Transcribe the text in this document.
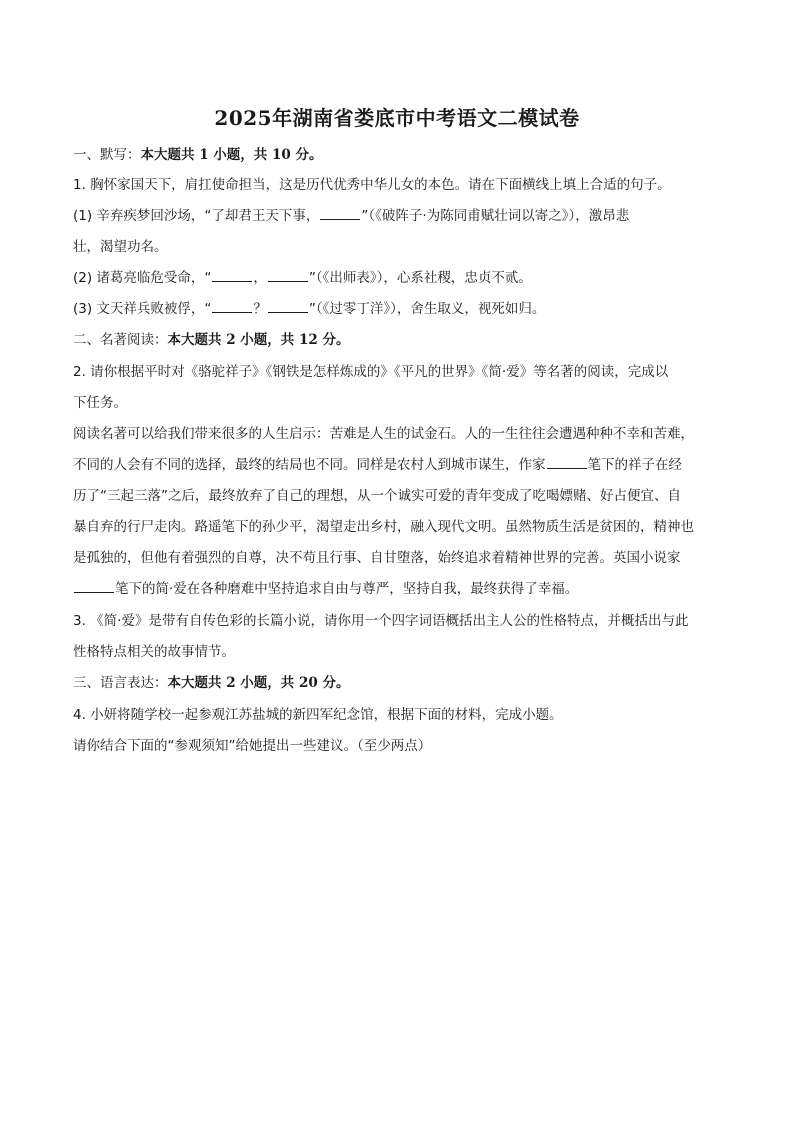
2025年湖南省娄底市中考语文二模试卷
一、默写：本大题共 1 小题，共 10 分。
1. 胸怀家国天下，肩扛使命担当，这是历代优秀中华儿女的本色。请在下面横线上填上合适的句子。
(1) 辛弃疾梦回沙场，“了却君王天下事，	”（《破阵子·为陈同甫赋壮词以寄之》），激昂悲
壮，渴望功名。
(2) 诸葛亮临危受命，“	，	”（《出师表》），心系社稷，忠贞不贰。
(3) 文天祥兵败被俘，“	？	”（《过零丁洋》），舍生取义，视死如归。
二、名著阅读：本大题共 2 小题，共 12 分。
2. 请你根据平时对《骆驼祥子》《钢铁是怎样炼成的》《平凡的世界》《简·爱》等名著的阅读，完成以
下任务。
阅读名著可以给我们带来很多的人生启示：苦难是人生的试金石。人的一生往往会遭遇种种不幸和苦难，
不同的人会有不同的选择，最终的结局也不同。同样是农村人到城市谋生，作家	笔下的祥子在经
历了“三起三落”之后，最终放弃了自己的理想，从一个诚实可爱的青年变成了吃喝嫖赌、好占便宜、自
暴自弃的行尸走肉。路遥笔下的孙少平，渴望走出乡村，融入现代文明。虽然物质生活是贫困的，精神也
是孤独的，但他有着强烈的自尊，决不苟且行事、自甘堕落，始终追求着精神世界的完善。英国小说家
笔下的简·爱在各种磨难中坚持追求自由与尊严，坚持自我，最终获得了幸福。
3. 《简·爱》是带有自传色彩的长篇小说，请你用一个四字词语概括出主人公的性格特点，并概括出与此
性格特点相关的故事情节。
三、语言表达：本大题共 2 小题，共 20 分。
4. 小妍将随学校一起参观江苏盐城的新四军纪念馆，根据下面的材料，完成小题。
请你结合下面的“参观须知”给她提出一些建议。（至少两点）
